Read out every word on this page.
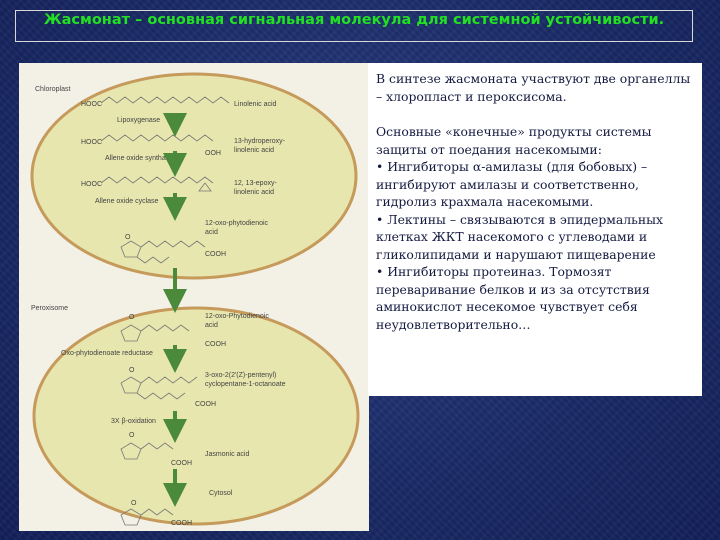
Жасмонат – основная сигнальная молекула для системной устойчивости.
Chloroplast
Peroxisome
HOOC	Linolenic acid
Lipoxygenase
HOOC
OOH
13-hydroperoxy-
linolenic acid
Allene oxide synthase
HOOC	12, 13-epoxy-
linolenic acid
Allene oxide cyclase
O
12-oxo-phytodienoic
acid
COOH
O	12-oxo-Phytodienoic
acid
COOH
Oxo-phytodienoate reductase
O
3-oxo-2(2'(Z)-pentenyl)
cyclopentane-1-octanoate
COOH
3X β-oxidation
O
COOH
Jasmonic acid
Cytosol
O
COOH

В синтезе жасмоната участвуют две органеллы – хлоропласт и пероксисома.

Основные «конечные» продукты системы защиты от поедания насекомыми:

• Ингибиторы α-амилазы (для бобовых) – ингибируют амилазы и соответственно, гидролиз крахмала насекомыми.

• Лектины – связываются в эпидермальных клетках ЖКТ насекомого с углеводами и гликолипидами и нарушают пищеварение

• Ингибиторы протеиназ. Тормозят переваривание белков и из за отсутствия аминокислот несекомое чувствует себя неудовлетворительно…
